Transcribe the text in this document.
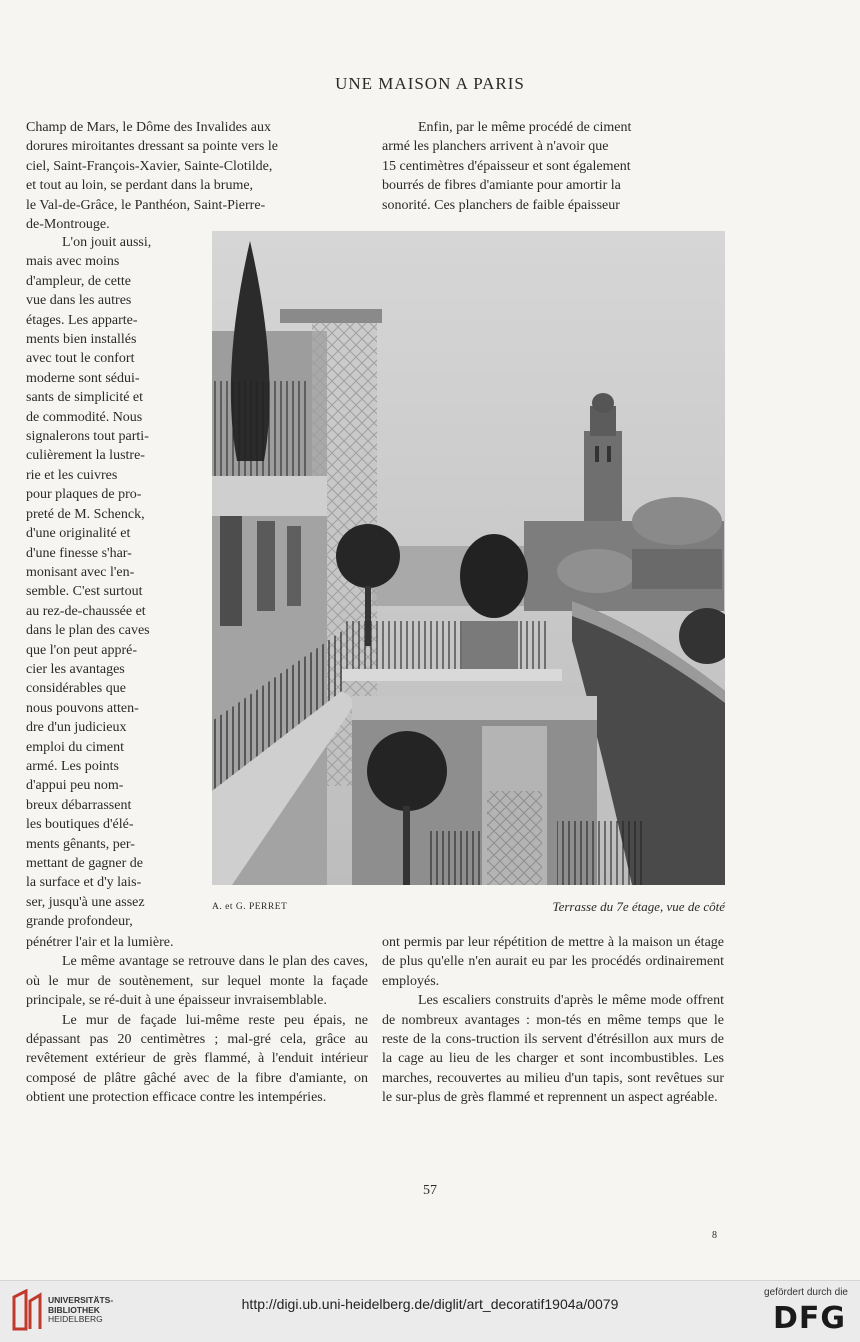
UNE MAISON A PARIS

Champ de Mars, le Dôme des Invalides aux

dorures miroitantes dressant sa pointe vers le

ciel, Saint-François-Xavier, Sainte-Clotilde,

et tout au loin, se perdant dans la brume,

le Val-de-Grâce, le Panthéon, Saint-Pierre-

de-Montrouge.

Enfin, par le même procédé de ciment

armé les planchers arrivent à n'avoir que

15 centimètres d'épaisseur et sont également

bourrés de fibres d'amiante pour amortir la

sonorité. Ces planchers de faible épaisseur

L'on jouit aussi,

mais avec moins

d'ampleur, de cette

vue dans les autres

étages. Les apparte-

ments bien installés

avec tout le confort

moderne sont sédui-

sants de simplicité et

de commodité. Nous

signalerons tout parti-

culièrement la lustre-

rie et les cuivres

pour plaques de pro-

preté de M. Schenck,

d'une originalité et

d'une finesse s'har-

monisant avec l'en-

semble. C'est surtout

au rez-de-chaussée et

dans le plan des caves

que l'on peut appré-

cier les avantages

considérables que

nous pouvons atten-

dre d'un judicieux

emploi du ciment

armé. Les points

d'appui peu nom-

breux débarrassent

les boutiques d'élé-

ments gênants, per-

mettant de gagner de

la surface et d'y lais-

ser, jusqu'à une assez

grande profondeur,

A. et G. PERRET	Terrasse du 7e étage, vue de côté

pénétrer l'air et la lumière.

Le même avantage se retrouve dans le plan des caves, où le mur de soutènement, sur lequel monte la façade principale, se ré-duit à une épaisseur invraisemblable.

Le mur de façade lui-même reste peu épais, ne dépassant pas 20 centimètres ; mal-gré cela, grâce au revêtement extérieur de grès flammé, à l'enduit intérieur composé de plâtre gâché avec de la fibre d'amiante, on obtient une protection efficace contre les intempéries.

ont permis par leur répétition de mettre à la maison un étage de plus qu'elle n'en aurait eu par les procédés ordinairement employés.

Les escaliers construits d'après le même mode offrent de nombreux avantages : mon-tés en même temps que le reste de la cons-truction ils servent d'étrésillon aux murs de la cage au lieu de les charger et sont incombustibles. Les marches, recouvertes au milieu d'un tapis, sont revêtues sur le sur-plus de grès flammé et reprennent un aspect agréable.

57
8
UNIVERSITÄTS-
BIBLIOTHEK
HEIDELBERG
http://digi.ub.uni-heidelberg.de/diglit/art_decoratif1904a/0079
gefördert durch die
DFG
